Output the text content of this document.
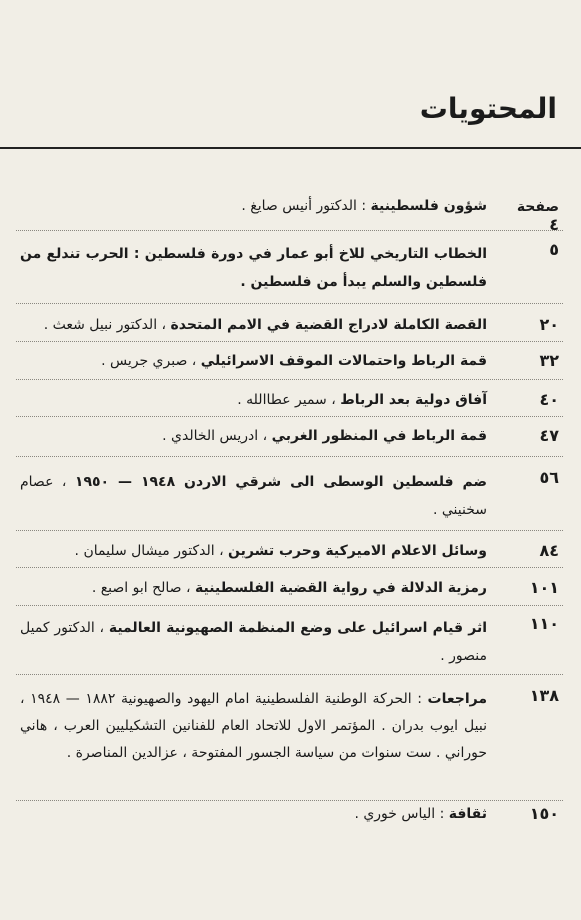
المحتويات
صفحة ٤
شؤون فلسطينية : الدكتور أنيس صايغ .
٥
الخطاب التاريخي للاخ أبو عمار في دورة فلسطين : الحرب تندلع من فلسطين والسلم يبدأ من فلسطين .
٢٠
القصة الكاملة لادراج القضية في الامم المتحدة ، الدكتور نبيل شعث .
٣٢
قمة الرباط واحتمالات الموقف الاسرائيلي ، صبري جريس .
٤٠
آفاق دولية بعد الرباط ، سمير عطاالله .
٤٧
قمة الرباط في المنظور الغربي ، ادريس الخالدي .
٥٦
ضم فلسطين الوسطى الى شرقي الاردن ١٩٤٨ — ١٩٥٠ ، عصام سخنيني .
٨٤
وسائل الاعلام الاميركية وحرب تشرين ، الدكتور ميشال سليمان .
١٠١
رمزية الدلالة في رواية القضية الفلسطينية ، صالح ابو اصبع .
١١٠
اثر قيام اسرائيل على وضع المنظمة الصهيونية العالمية ، الدكتور كميل منصور .
١٣٨
مراجعات : الحركة الوطنية الفلسطينية امام اليهود والصهيونية ١٨٨٢ — ١٩٤٨ ، نبيل ايوب بدران . المؤتمر الاول للاتحاد العام للفنانين التشكيليين العرب ، هاني حوراني . ست سنوات من سياسة الجسور المفتوحة ، عزالدين المناصرة .
١٥٠
ثقافة : الياس خوري .
